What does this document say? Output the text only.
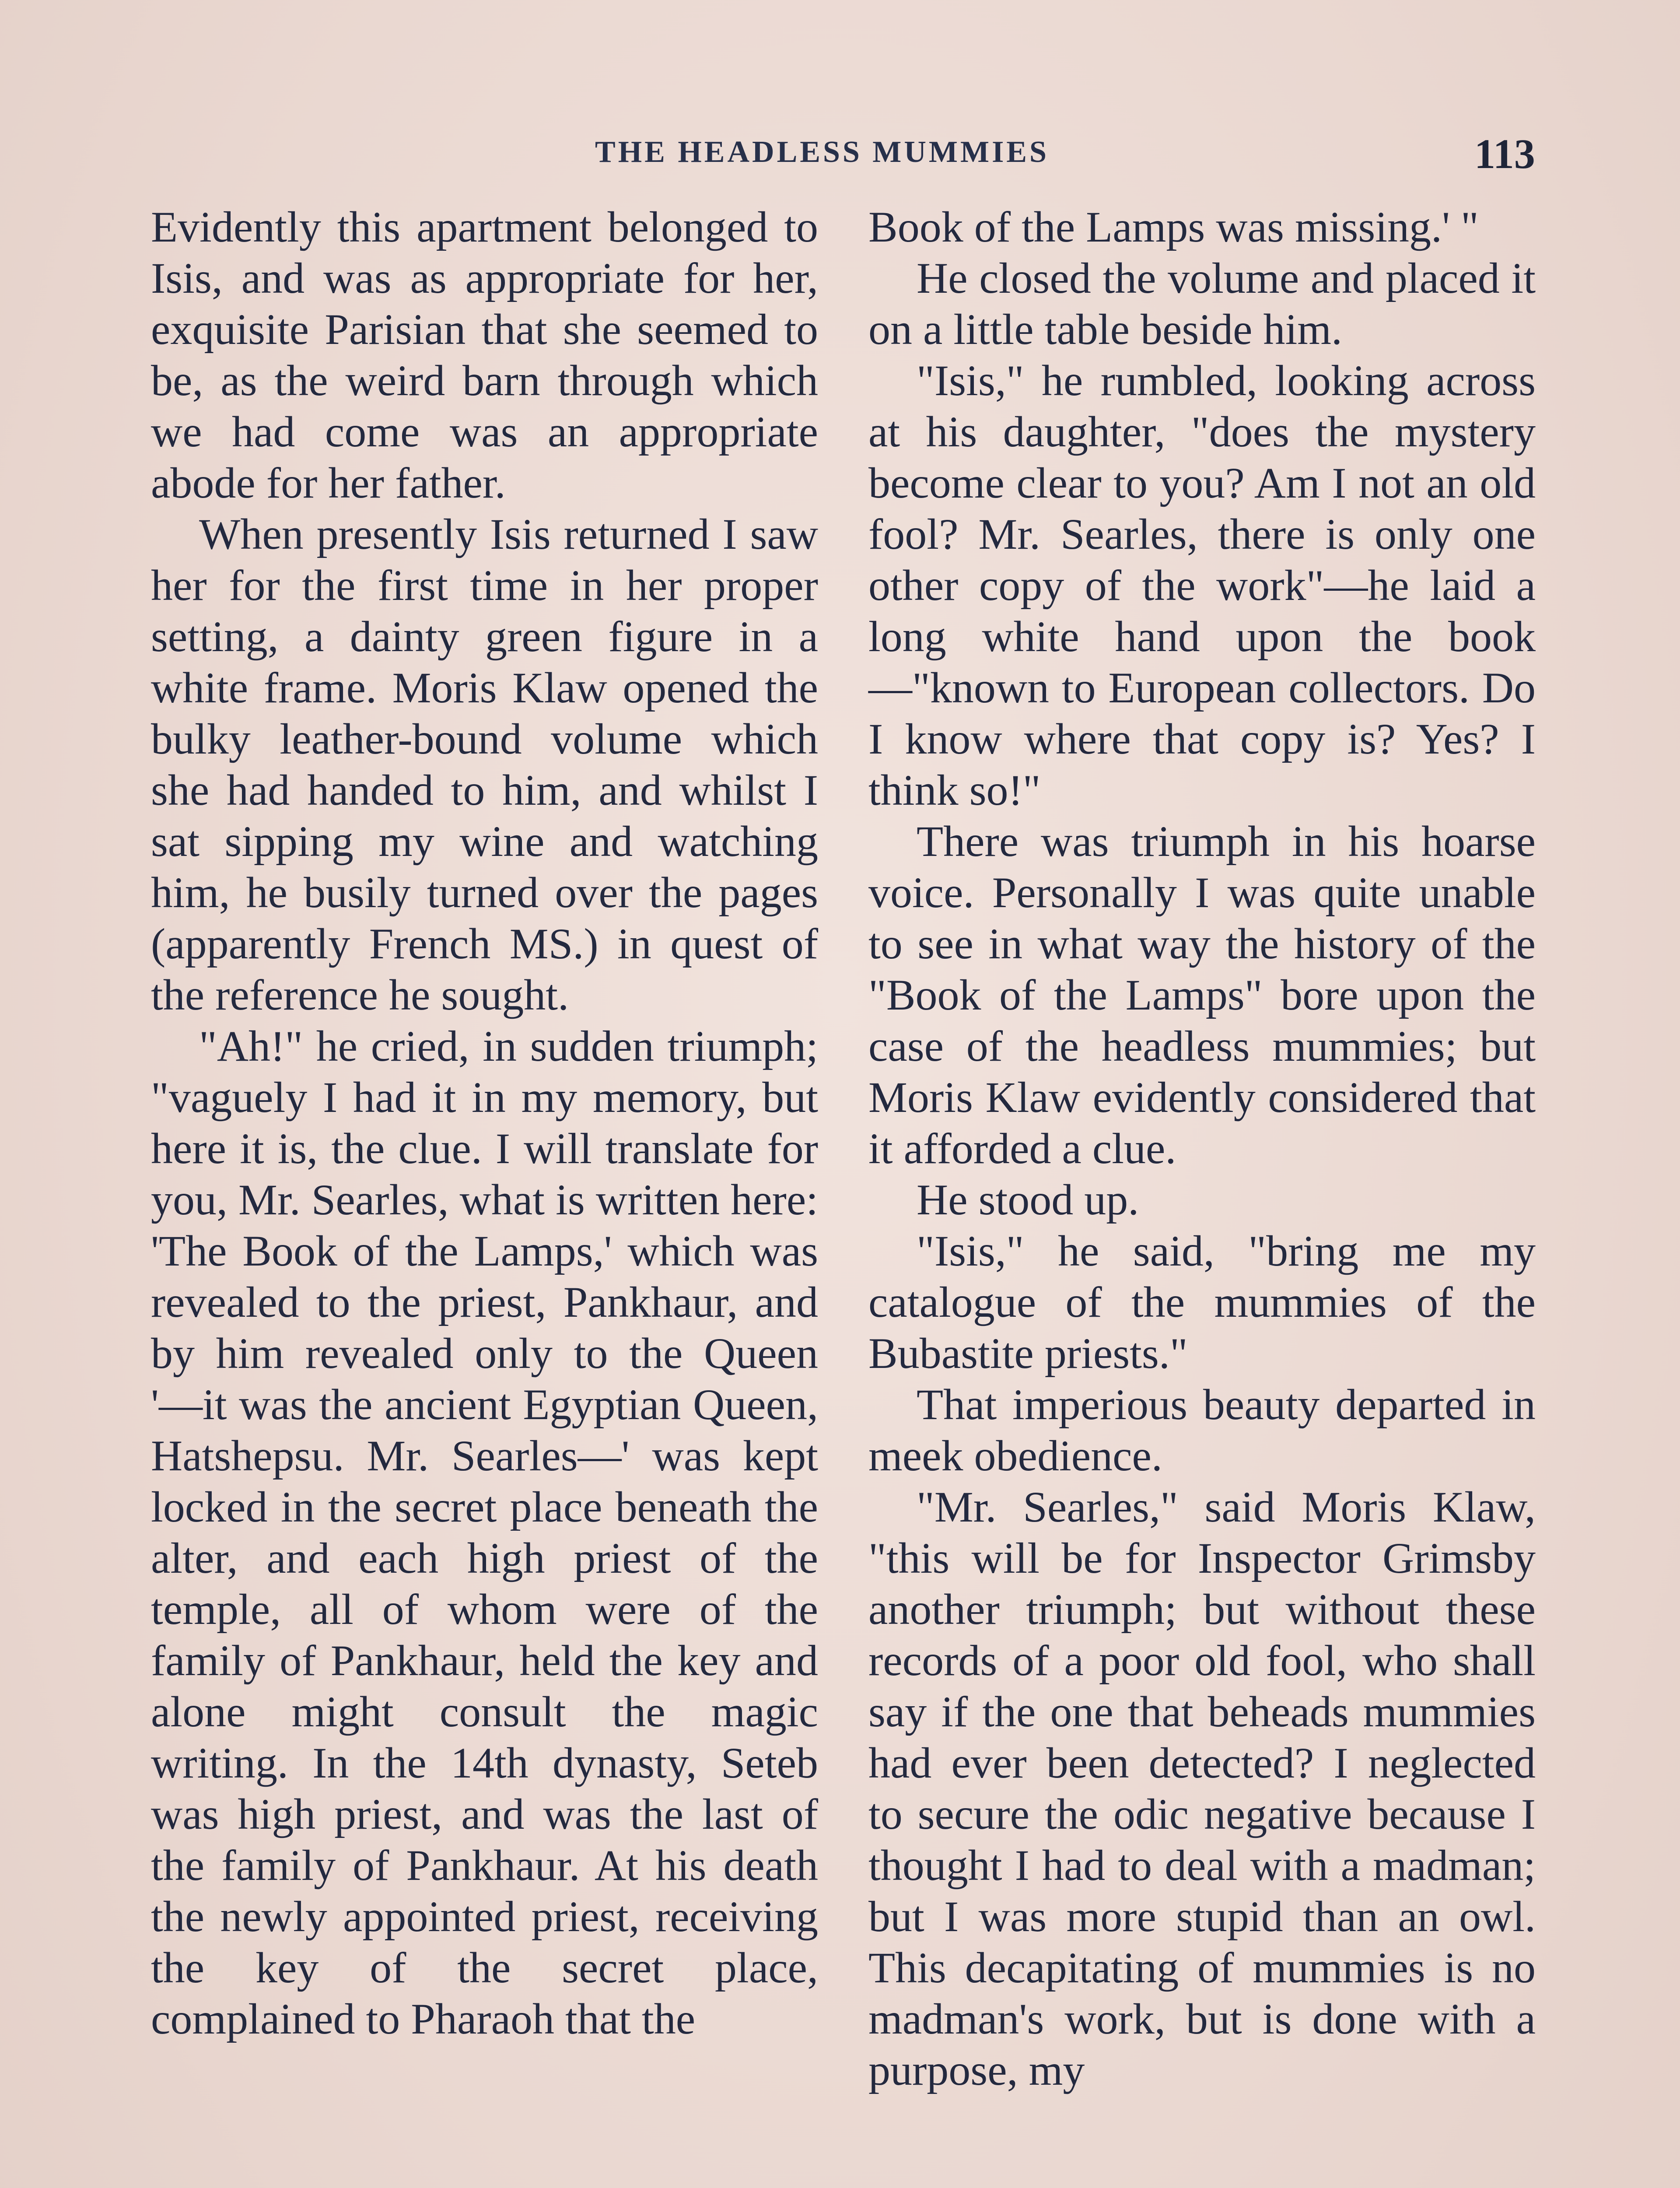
THE HEADLESS MUMMIES	113

Evidently this apartment belonged to Isis, and was as appropriate for her, exquisite Parisian that she seemed to be, as the weird barn through which we had come was an appropriate abode for her father.

When presently Isis returned I saw her for the first time in her proper setting, a dainty green figure in a white frame. Moris Klaw opened the bulky leather-bound volume which she had handed to him, and whilst I sat sipping my wine and watching him, he busily turned over the pages (apparently French MS.) in quest of the reference he sought.

"Ah!" he cried, in sudden triumph; "vaguely I had it in my memory, but here it is, the clue. I will translate for you, Mr. Searles, what is written here: 'The Book of the Lamps,' which was revealed to the priest, Pankhaur, and by him revealed only to the Queen '—it was the ancient Egyptian Queen, Hatshepsu. Mr. Searles—' was kept locked in the secret place beneath the alter, and each high priest of the temple, all of whom were of the family of Pankhaur, held the key and alone might consult the magic writing. In the 14th dynasty, Seteb was high priest, and was the last of the family of Pankhaur. At his death the newly appointed priest, receiving the key of the secret place, complained to Pharaoh that the

Book of the Lamps was missing.' "

He closed the volume and placed it on a little table beside him.

"Isis," he rumbled, looking across at his daughter, "does the mystery become clear to you? Am I not an old fool? Mr. Searles, there is only one other copy of the work"—he laid a long white hand upon the book—"known to European collectors. Do I know where that copy is? Yes? I think so!"

There was triumph in his hoarse voice. Personally I was quite unable to see in what way the history of the "Book of the Lamps" bore upon the case of the headless mummies; but Moris Klaw evidently considered that it afforded a clue.

He stood up.

"Isis," he said, "bring me my catalogue of the mummies of the Bubastite priests."

That imperious beauty departed in meek obedience.

"Mr. Searles," said Moris Klaw, "this will be for Inspector Grimsby another triumph; but without these records of a poor old fool, who shall say if the one that beheads mummies had ever been detected? I neglected to secure the odic negative because I thought I had to deal with a madman; but I was more stupid than an owl. This decapitating of mummies is no madman's work, but is done with a purpose, my
